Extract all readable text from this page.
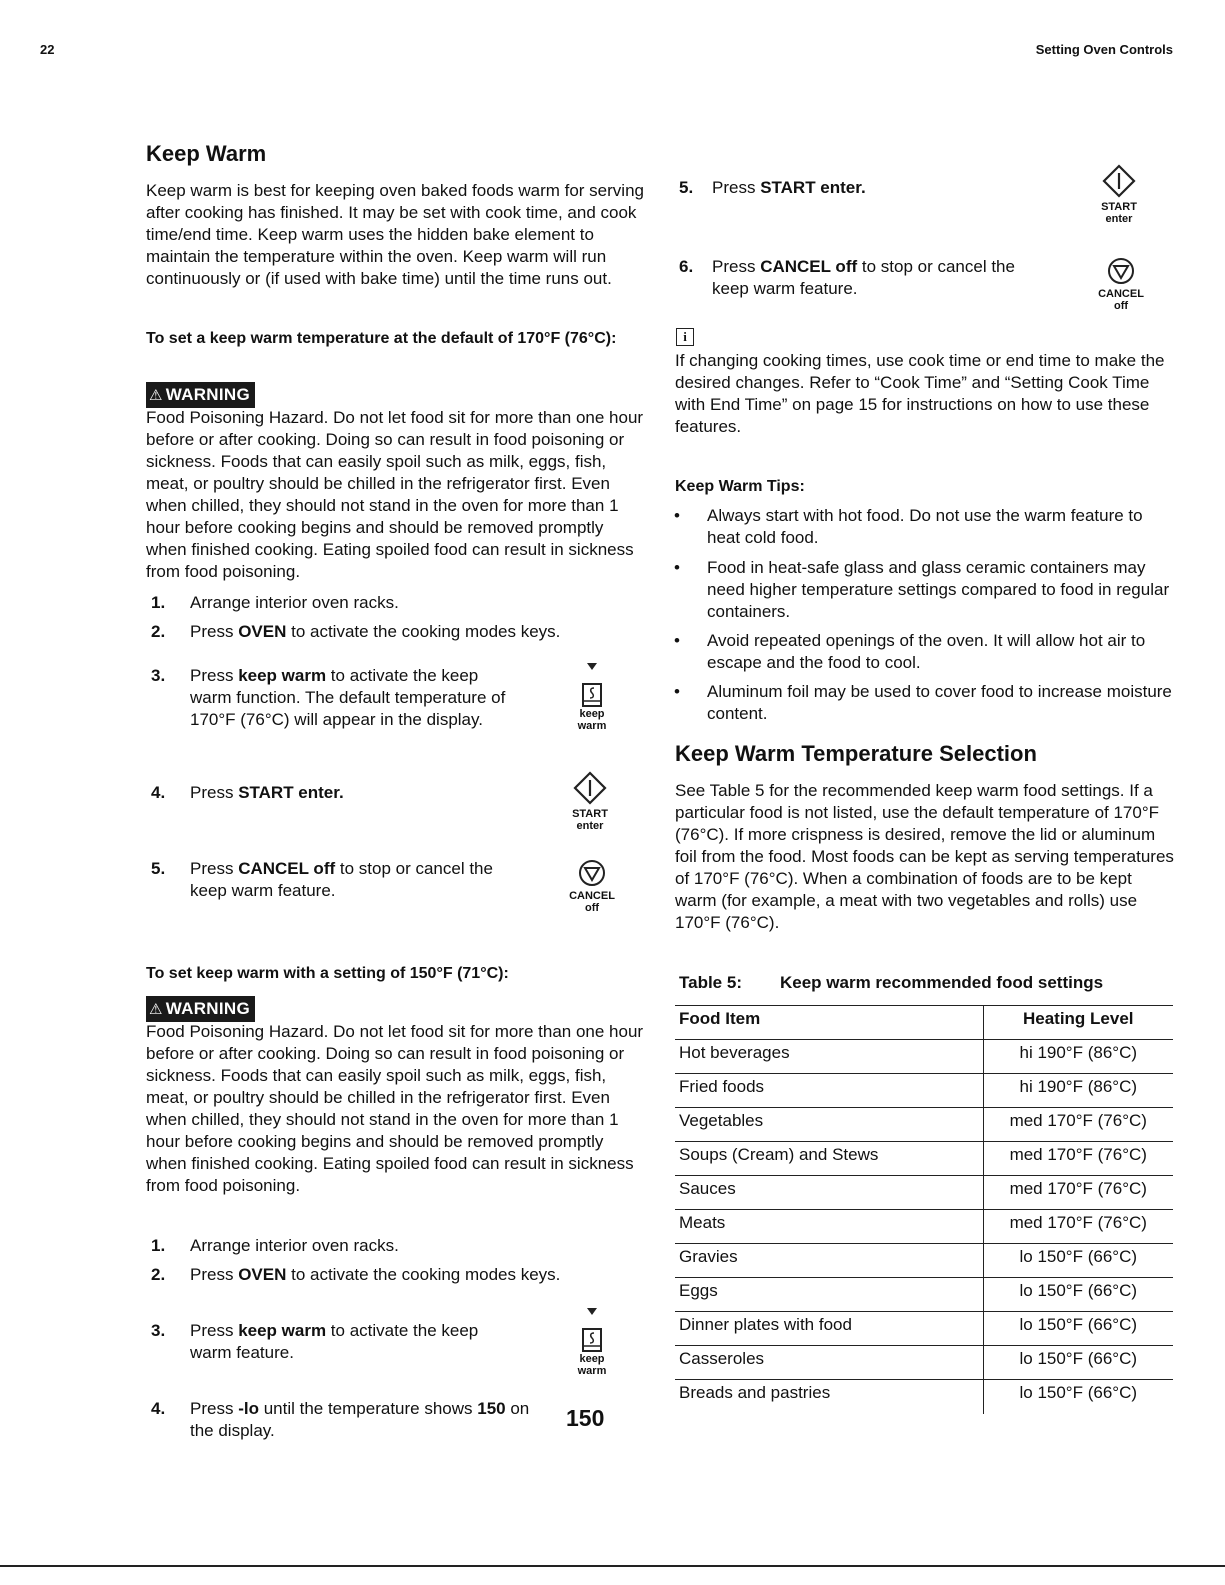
22	Setting Oven Controls
Keep Warm

Keep warm is best for keeping oven baked foods warm for serving after cooking has finished. It may be set with cook time, and cook time/end time. Keep warm uses the hidden bake element to maintain the temperature within the oven. Keep warm will run continuously or (if used with bake time) until the time runs out.

To set a keep warm temperature at the default of 170°F (76°C):

⚠ WARNING

Food Poisoning Hazard. Do not let food sit for more than one hour before or after cooking. Doing so can result in food poisoning or sickness. Foods that can easily spoil such as milk, eggs, fish, meat, or poultry should be chilled in the refrigerator first. Even when chilled, they should not stand in the oven for more than 1 hour before cooking begins and should be removed promptly when finished cooking. Eating spoiled food can result in sickness from food poisoning.

1. Arrange interior oven racks.
2. Press OVEN to activate the cooking modes keys.
3. Press keep warm to activate the keep warm function. The default temperature of 170°F (76°C) will appear in the display.
4. Press START enter.
5. Press CANCEL off to stop or cancel the keep warm feature.
keep
warm
START
enter
CANCEL
off

To set keep warm with a setting of 150°F (71°C):

⚠ WARNING

Food Poisoning Hazard. Do not let food sit for more than one hour before or after cooking. Doing so can result in food poisoning or sickness. Foods that can easily spoil such as milk, eggs, fish, meat, or poultry should be chilled in the refrigerator first. Even when chilled, they should not stand in the oven for more than 1 hour before cooking begins and should be removed promptly when finished cooking. Eating spoiled food can result in sickness from food poisoning.

1. Arrange interior oven racks.
2. Press OVEN to activate the cooking modes keys.
3. Press keep warm to activate the keep warm feature.
4. Press -lo until the temperature shows 150 on the display.
keep
warm
150
5. Press START enter.
6. Press CANCEL off to stop or cancel the keep warm feature.
START
enter
CANCEL
off
i

If changing cooking times, use cook time or end time to make the desired changes. Refer to “Cook Time” and “Setting Cook Time with End Time” on page 15 for instructions on how to use these features.

Keep Warm Tips:

• Always start with hot food. Do not use the warm feature to heat cold food.
• Food in heat-safe glass and glass ceramic containers may need higher temperature settings compared to food in regular containers.
• Avoid repeated openings of the oven. It will allow hot air to escape and the food to cool.
• Aluminum foil may be used to cover food to increase moisture content.
Keep Warm Temperature Selection

See Table 5 for the recommended keep warm food settings. If a particular food is not listed, use the default temperature of 170°F (76°C). If more crispness is desired, remove the lid or aluminum foil from the food. Most foods can be kept as serving temperatures of 170°F (76°C). When a combination of foods are to be kept warm (for example, a meat with two vegetables and rolls) use 170°F (76°C).

Table 5: Keep warm recommended food settings
Food Item	Heating Level
Hot beverages	hi 190°F (86°C)
Fried foods	hi 190°F (86°C)
Vegetables	med 170°F (76°C)
Soups (Cream) and Stews	med 170°F (76°C)
Sauces	med 170°F (76°C)
Meats	med 170°F (76°C)
Gravies	lo 150°F (66°C)
Eggs	lo 150°F (66°C)
Dinner plates with food	lo 150°F (66°C)
Casseroles	lo 150°F (66°C)
Breads and pastries	lo 150°F (66°C)
